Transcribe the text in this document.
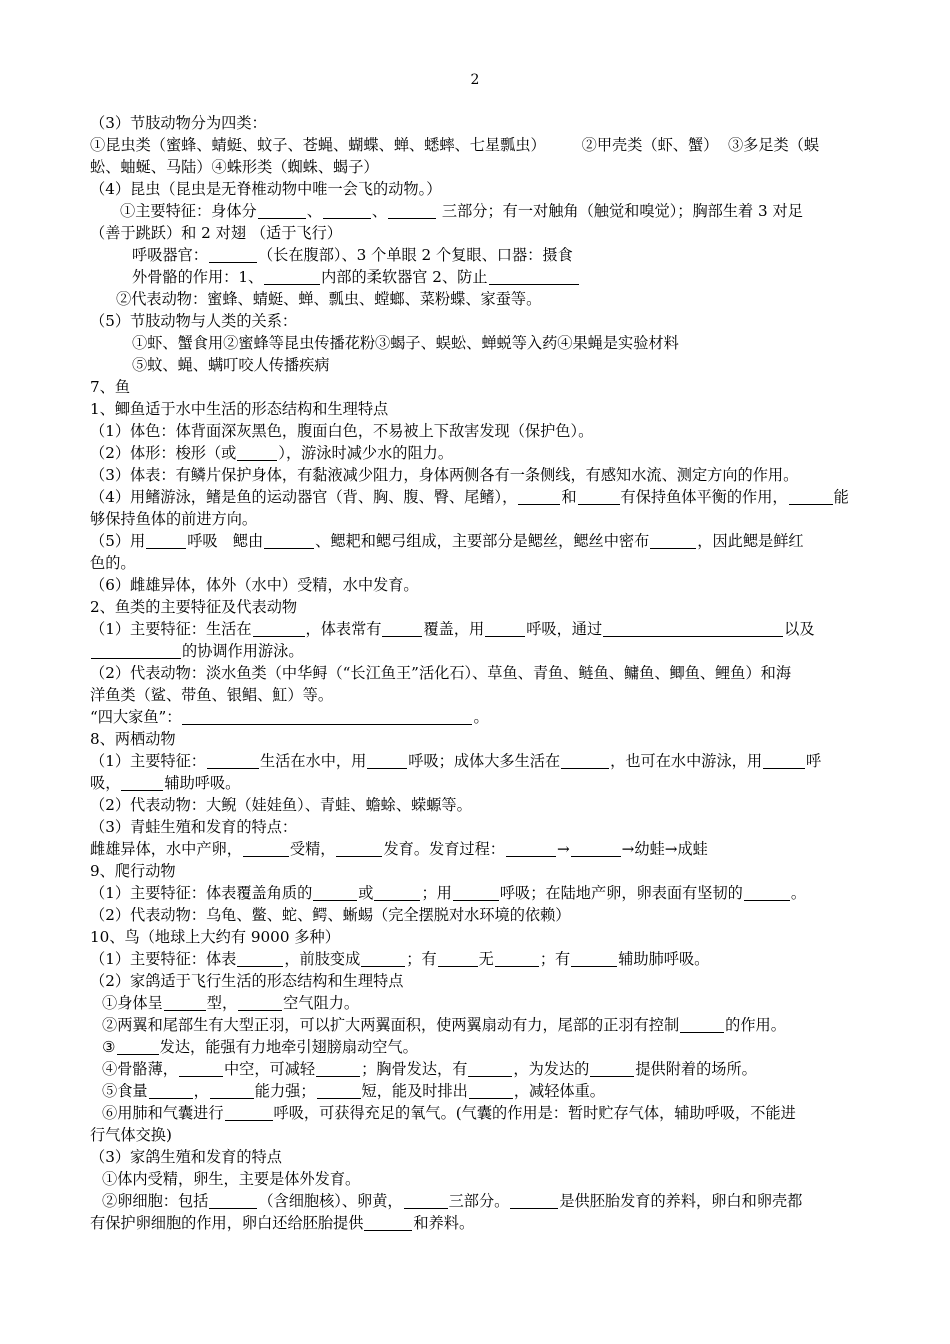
2
（3）节肢动物分为四类：
①昆虫类（蜜蜂、蜻蜓、蚊子、苍蝇、蝴蝶、蝉、蟋蟀、七星瓢虫） ②甲壳类（虾、蟹） ③多足类（蜈
蚣、蚰蜒、马陆）④蛛形类（蜘蛛、蝎子）
（4）昆虫（昆虫是无脊椎动物中唯一会飞的动物。）
①主要特征：身体分	、	、	三部分；有一对触角（触觉和嗅觉）；胸部生着 3 对足
（善于跳跃）和 2 对翅 （适于飞行）
呼吸器官：	（长在腹部）、3 个单眼 2 个复眼、口器：摄食
外骨骼的作用：1、	内部的柔软器官 2、防止
②代表动物：蜜蜂、蜻蜓、蝉、瓢虫、螳螂、菜粉蝶、家蚕等。
（5）节肢动物与人类的关系：
①虾、蟹食用②蜜蜂等昆虫传播花粉③蝎子、蜈蚣、蝉蜕等入药④果蝇是实验材料
⑤蚊、蝇、螨叮咬人传播疾病
7、鱼
1、鲫鱼适于水中生活的形态结构和生理特点
（1）体色：体背面深灰黑色，腹面白色，不易被上下敌害发现（保护色）。
（2）体形：梭形（或	），游泳时减少水的阻力。
（3）体表：有鳞片保护身体，有黏液减少阻力，身体两侧各有一条侧线，有感知水流、测定方向的作用。
（4）用鳍游泳，鳍是鱼的运动器官（背、胸、腹、臀、尾鳍），	和	有保持鱼体平衡的作用，	能
够保持鱼体的前进方向。
（5）用	呼吸　鳃由	、鳃耙和鳃弓组成，主要部分是鳃丝，鳃丝中密布	，因此鳃是鲜红
色的。
（6）雌雄异体，体外（水中）受精，水中发育。
2、鱼类的主要特征及代表动物
（1）主要特征：生活在	，体表常有	覆盖，用	呼吸，通过	以及
的协调作用游泳。
（2）代表动物：淡水鱼类（中华鲟（“长江鱼王”活化石）、草鱼、青鱼、鲢鱼、鳙鱼、鲫鱼、鲤鱼）和海
洋鱼类（鲨、带鱼、银鲳、魟）等。
“四大家鱼”：	。
8、两栖动物
（1）主要特征：	生活在水中，用	呼吸；成体大多生活在	，也可在水中游泳，用	呼
吸，	辅助呼吸。
（2）代表动物：大鲵（娃娃鱼）、青蛙、蟾蜍、蝾螈等。
（3）青蛙生殖和发育的特点：
雌雄异体，水中产卵，	受精，	发育。发育过程：	→	→幼蛙→成蛙
9、爬行动物
（1）主要特征：体表覆盖角质的	或	；用	呼吸；在陆地产卵，卵表面有坚韧的	。
（2）代表动物：乌龟、鳖、蛇、鳄、蜥蜴（完全摆脱对水环境的依赖）
10、鸟（地球上大约有 9000 多种）
（1）主要特征：体表	，前肢变成	；有	无	；有	辅助肺呼吸。
（2）家鸽适于飞行生活的形态结构和生理特点
①身体呈	型，	空气阻力。
②两翼和尾部生有大型正羽，可以扩大两翼面积，使两翼扇动有力，尾部的正羽有控制	的作用。
③	发达，能强有力地牵引翅膀扇动空气。
④骨骼薄，	中空，可减轻	；胸骨发达，有	，为发达的	提供附着的场所。
⑤食量	，	能力强；	短，能及时排出	，减轻体重。
⑥用肺和气囊进行	呼吸，可获得充足的氧气。(气囊的作用是：暂时贮存气体，辅助呼吸，不能进
行气体交换)
（3）家鸽生殖和发育的特点
①体内受精，卵生，主要是体外发育。
②卵细胞：包括	（含细胞核）、卵黄，	三部分。	是供胚胎发育的养料，卵白和卵壳都
有保护卵细胞的作用，卵白还给胚胎提供	和养料。
